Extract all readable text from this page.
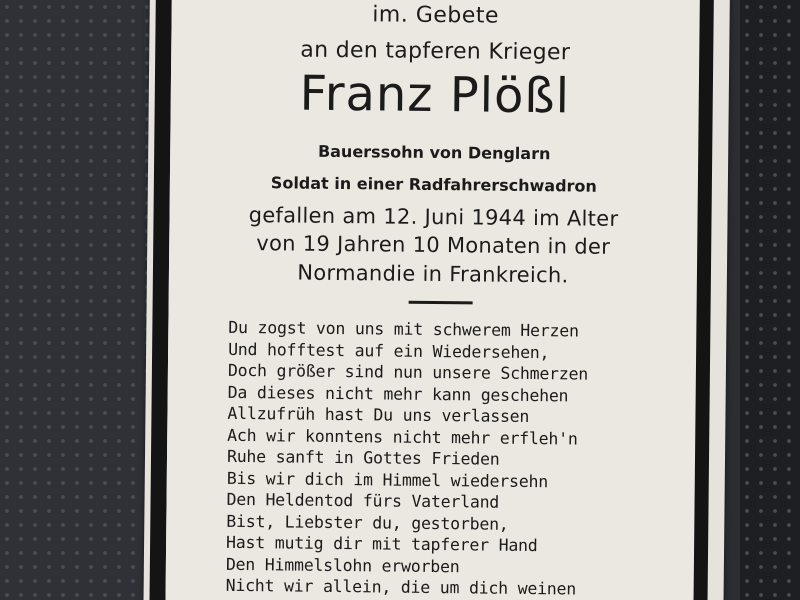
im. Gebete
an den tapferen Krieger
Franz Plößl
Bauerssohn von Denglarn
Soldat in einer Radfahrerschwadron
gefallen am 12. Juni 1944 im Alter
von 19 Jahren 10 Monaten in der
Normandie in Frankreich.
Du zogst von uns mit schwerem Herzen
Und hofftest auf ein Wiedersehen,
Doch größer sind nun unsere Schmerzen
Da dieses nicht mehr kann geschehen
Allzufrüh hast Du uns verlassen
Ach wir konntens nicht mehr erfleh'n
Ruhe sanft in Gottes Frieden
Bis wir dich im Himmel wiedersehn
Den Heldentod fürs Vaterland
Bist, Liebster du, gestorben,
Hast mutig dir mit tapferer Hand
Den Himmelslohn erworben
Nicht wir allein, die um dich weinen
